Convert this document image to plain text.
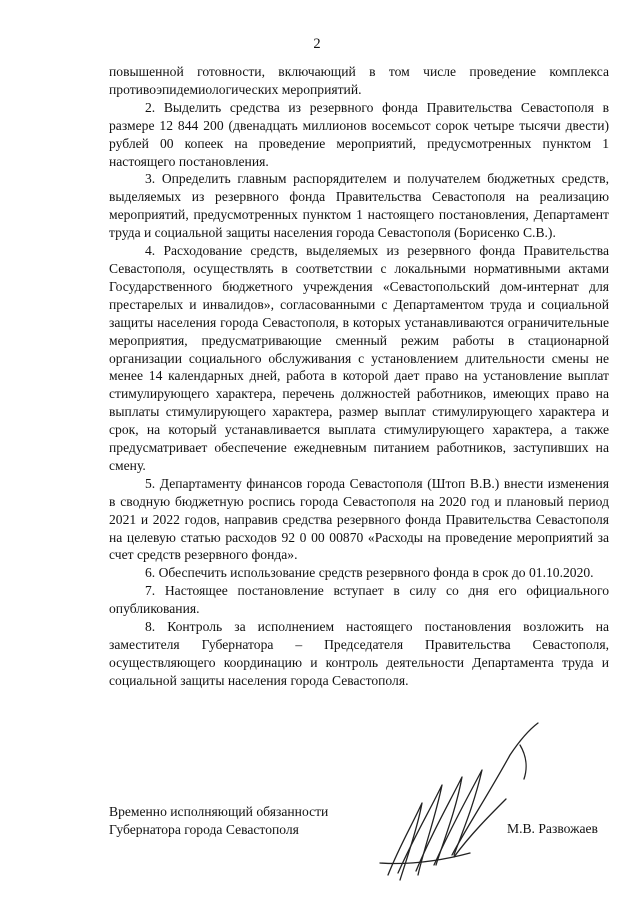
2

повышенной готовности, включающий в том числе проведение комплекса противоэпидемиологических мероприятий.

2. Выделить средства из резервного фонда Правительства Севастополя в размере 12 844 200 (двенадцать миллионов восемьсот сорок четыре тысячи двести) рублей 00 копеек на проведение мероприятий, предусмотренных пунктом 1 настоящего постановления.

3. Определить главным распорядителем и получателем бюджетных средств, выделяемых из резервного фонда Правительства Севастополя на реализацию мероприятий, предусмотренных пунктом 1 настоящего постановления, Департамент труда и социальной защиты населения города Севастополя (Борисенко С.В.).

4. Расходование средств, выделяемых из резервного фонда Правительства Севастополя, осуществлять в соответствии с локальными нормативными актами Государственного бюджетного учреждения «Севастопольский дом-интернат для престарелых и инвалидов», согласованными с Департаментом труда и социальной защиты населения города Севастополя, в которых устанавливаются ограничительные мероприятия, предусматривающие сменный режим работы в стационарной организации социального обслуживания с установлением длительности смены не менее 14 календарных дней, работа в которой дает право на установление выплат стимулирующего характера, перечень должностей работников, имеющих право на выплаты стимулирующего характера, размер выплат стимулирующего характера и срок, на который устанавливается выплата стимулирующего характера, а также предусматривает обеспечение ежедневным питанием работников, заступивших на смену.

5. Департаменту финансов города Севастополя (Штоп В.В.) внести изменения в сводную бюджетную роспись города Севастополя на 2020 год и плановый период 2021 и 2022 годов, направив средства резервного фонда Правительства Севастополя на целевую статью расходов 92 0 00 00870 «Расходы на проведение мероприятий за счет средств резервного фонда».

6. Обеспечить использование средств резервного фонда в срок до 01.10.2020.

7. Настоящее постановление вступает в силу со дня его официального опубликования.

8. Контроль за исполнением настоящего постановления возложить на заместителя Губернатора – Председателя Правительства Севастополя, осуществляющего координацию и контроль деятельности Департамента труда и социальной защиты населения города Севастополя.

Временно исполняющий обязанности
Губернатора города Севастополя	М.В. Развожаев
